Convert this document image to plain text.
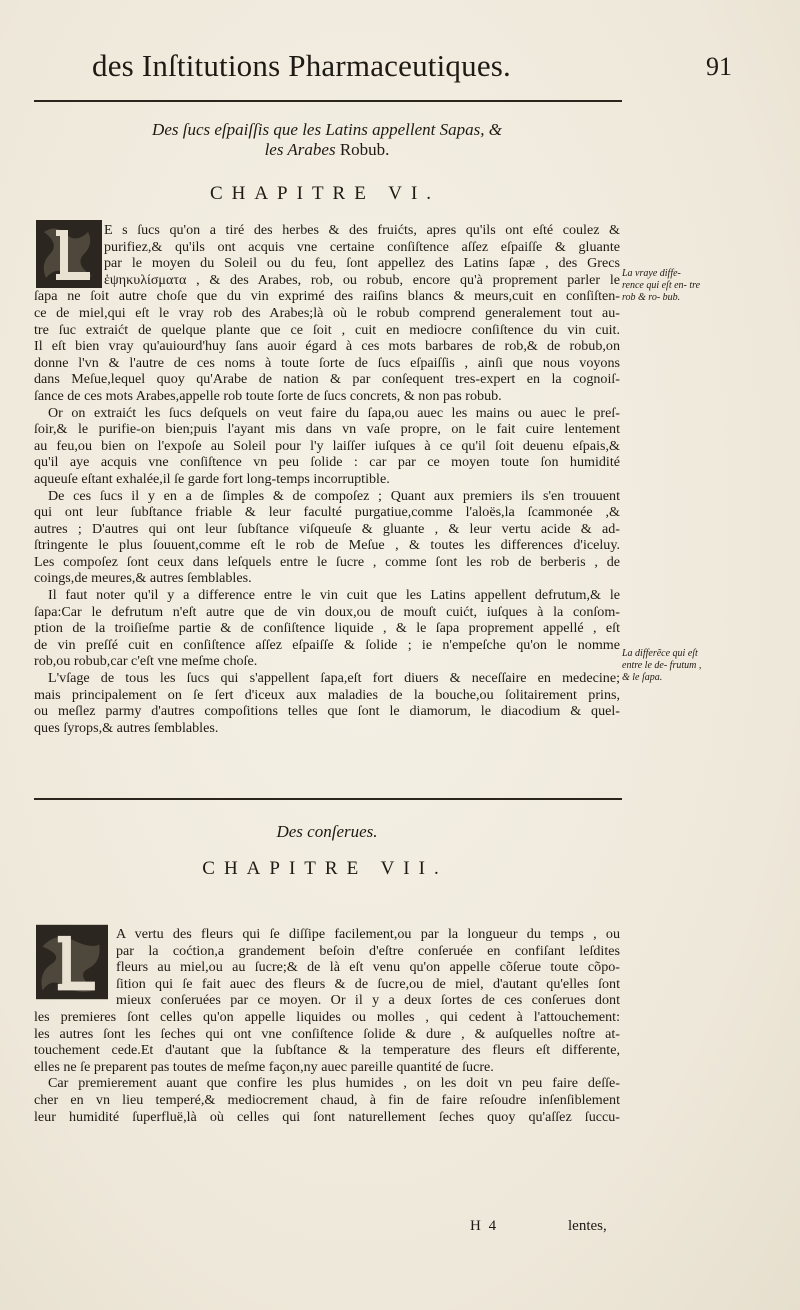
des Inſtitutions Pharmaceutiques.	91
Des ſucs eſpaiſſis que les Latins appellent Sapas, &
les Arabes Robub.
CHAPITRE VI.
E s ſucs qu'on a tiré des herbes & des fruićts, apres qu'ils ont eſté coulez &
purifiez,& qu'ils ont acquis vne certaine conſiſtence aſſez eſpaiſſe & gluante
par le moyen du Soleil ou du feu, ſont appellez des Latins ſapæ , des Grecs
ἑψηκυλίσματα , & des Arabes, rob, ou robub, encore qu'à proprement parler le
ſapa ne ſoit autre choſe que du vin exprimé des raiſins blancs & meurs,cuit en conſiſten-
ce de miel,qui eſt le vray rob des Arabes;là où le robub comprend generalement tout au-
tre ſuc extraićt de quelque plante que ce ſoit , cuit en mediocre conſiſtence du vin cuit.
Il eſt bien vray qu'auiourd'huy ſans auoir égard à ces mots barbares de rob,& de robub,on
donne l'vn & l'autre de ces noms à toute ſorte de ſucs eſpaiſſis , ainſi que nous voyons
dans Meſue,lequel quoy qu'Arabe de nation & par conſequent tres-expert en la cognoiſ-
ſance de ces mots Arabes,appelle rob toute ſorte de ſucs concrets, & non pas robub.
Or on extraićt les ſucs deſquels on veut faire du ſapa,ou auec les mains ou auec le preſ-
ſoir,& le purifie-on bien;puis l'ayant mis dans vn vaſe propre, on le fait cuire lentement
au feu,ou bien on l'expoſe au Soleil pour l'y laiſſer iuſques à ce qu'il ſoit deuenu eſpais,&
qu'il aye acquis vne conſiſtence vn peu ſolide : car par ce moyen toute ſon humidité
aqueuſe eſtant exhalée,il ſe garde fort long-temps incorruptible.
De ces ſucs il y en a de ſimples & de compoſez ; Quant aux premiers ils s'en trouuent
qui ont leur ſubſtance friable & leur faculté purgatiue,comme l'aloës,la ſcammonée ,&
autres ; D'autres qui ont leur ſubſtance viſqueuſe & gluante , & leur vertu acide & ad-
ſtringente le plus ſouuent,comme eſt le rob de Meſue , & toutes les differences d'iceluy.
Les compoſez ſont ceux dans leſquels entre le ſucre , comme ſont les rob de berberis , de
coings,de meures,& autres ſemblables.
Il faut noter qu'il y a difference entre le vin cuit que les Latins appellent defrutum,& le
ſapa:Car le defrutum n'eſt autre que de vin doux,ou de mouſt cuićt, iuſques à la conſom-
ption de la troiſieſme partie & de conſiſtence liquide , & le ſapa proprement appellé , eſt
de vin preſſé cuit en conſiſtence aſſez eſpaiſſe & ſolide ; ie n'empeſche qu'on le nomme
rob,ou robub,car c'eſt vne meſme choſe.
L'vſage de tous les ſucs qui s'appellent ſapa,eſt fort diuers & neceſſaire en medecine;
mais principalement on ſe ſert d'iceux aux maladies de la bouche,ou ſolitairement prins,
ou meſlez parmy d'autres compoſitions telles que ſont le diamorum, le diacodium & quel-
ques ſyrops,& autres ſemblables.
La vraye diffe- rence qui eſt en- tre rob & ro- bub.
La differẽce qui eſt entre le de- frutum , & le ſapa.
Des conſerues.
CHAPITRE VII.
A vertu des fleurs qui ſe diſſipe facilement,ou par la longueur du temps , ou
par la coćtion,a grandement beſoin d'eſtre conſeruée en confiſant leſdites
fleurs au miel,ou au ſucre;& de là eſt venu qu'on appelle cõſerue toute cõpo-
ſition qui ſe fait auec des fleurs & de ſucre,ou de miel, d'autant qu'elles ſont
mieux conſeruées par ce moyen. Or il y a deux ſortes de ces conſerues dont
les premieres ſont celles qu'on appelle liquides ou molles , qui cedent à l'attouchement:
les autres ſont les ſeches qui ont vne conſiſtence ſolide & dure , & auſquelles noſtre at-
touchement cede.Et d'autant que la ſubſtance & la temperature des fleurs eſt differente,
elles ne ſe preparent pas toutes de meſme façon,ny auec pareille quantité de ſucre.
Car premierement auant que confire les plus humides , on les doit vn peu faire deſſe-
cher en vn lieu temperé,& mediocrement chaud, à fin de faire reſoudre inſenſiblement
leur humidité ſuperfluë,là où celles qui ſont naturellement ſeches quoy qu'aſſez ſuccu-
H 4	lentes,
